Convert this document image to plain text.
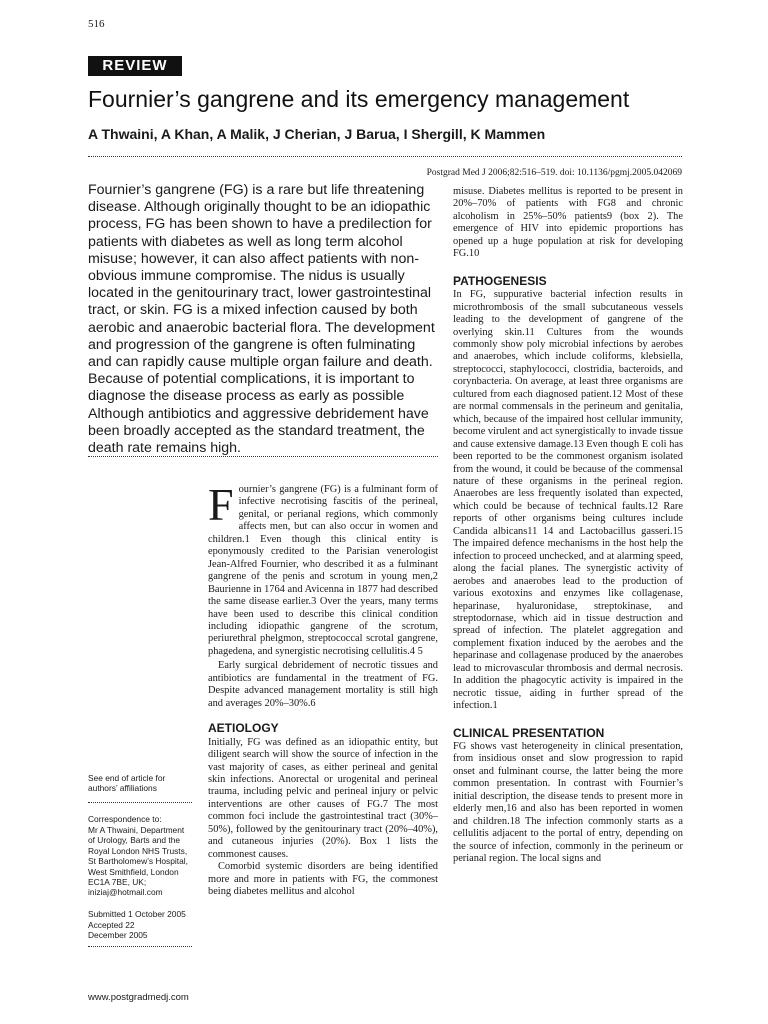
516
REVIEW
Fournier’s gangrene and its emergency management
A Thwaini, A Khan, A Malik, J Cherian, J Barua, I Shergill, K Mammen
Postgrad Med J 2006;82:516–519. doi: 10.1136/pgmj.2005.042069
Fournier’s gangrene (FG) is a rare but life threatening disease. Although originally thought to be an idiopathic process, FG has been shown to have a predilection for patients with diabetes as well as long term alcohol misuse; however, it can also affect patients with non-obvious immune compromise. The nidus is usually located in the genitourinary tract, lower gastrointestinal tract, or skin. FG is a mixed infection caused by both aerobic and anaerobic bacterial flora. The development and progression of the gangrene is often fulminating and can rapidly cause multiple organ failure and death. Because of potential complications, it is important to diagnose the disease process as early as possible Although antibiotics and aggressive debridement have been broadly accepted as the standard treatment, the death rate remains high.

Fournier’s gangrene (FG) is a fulminant form of infective necrotising fascitis of the perineal, genital, or perianal regions, which commonly affects men, but can also occur in women and children.1 Even though this clinical entity is eponymously credited to the Parisian venerologist Jean-Alfred Fournier, who described it as a fulminant gangrene of the penis and scrotum in young men,2 Baurienne in 1764 and Avicenna in 1877 had described the same disease earlier.3 Over the years, many terms have been used to describe this clinical condition including idiopathic gangrene of the scrotum, periurethral phelgmon, streptococcal scrotal gangrene, phagedena, and synergistic necrotising cellulitis.4 5

Early surgical debridement of necrotic tissues and antibiotics are fundamental in the treatment of FG. Despite advanced management mortality is still high and averages 20%–30%.6

AETIOLOGY

Initially, FG was defined as an idiopathic entity, but diligent search will show the source of infection in the vast majority of cases, as either perineal and genital skin infections. Anorectal or urogenital and perineal trauma, including pelvic and perineal injury or pelvic interventions are other causes of FG.7 The most common foci include the gastrointestinal tract (30%–50%), followed by the genitourinary tract (20%–40%), and cutaneous injuries (20%). Box 1 lists the commonest causes.

Comorbid systemic disorders are being identified more and more in patients with FG, the commonest being diabetes mellitus and alcohol

misuse. Diabetes mellitus is reported to be present in 20%–70% of patients with FG8 and chronic alcoholism in 25%–50% patients9 (box 2). The emergence of HIV into epidemic proportions has opened up a huge population at risk for developing FG.10

PATHOGENESIS

In FG, suppurative bacterial infection results in microthrombosis of the small subcutaneous vessels leading to the development of gangrene of the overlying skin.11 Cultures from the wounds commonly show poly microbial infections by aerobes and anaerobes, which include coliforms, klebsiella, streptococci, staphylococci, clostridia, bacteroids, and corynbacteria. On average, at least three organisms are cultured from each diagnosed patient.12 Most of these are normal commensals in the perineum and genitalia, which, because of the impaired host cellular immunity, become virulent and act synergistically to invade tissue and cause extensive damage.13 Even though E coli has been reported to be the commonest organism isolated from the wound, it could be because of the commensal nature of these organisms in the perineal region. Anaerobes are less frequently isolated than expected, which could be because of technical faults.12 Rare reports of other organisms being cultures include Candida albicans11 14 and Lactobacillus gasseri.15 The impaired defence mechanisms in the host help the infection to proceed unchecked, and at alarming speed, along the facial planes. The synergistic activity of aerobes and anaerobes lead to the production of various exotoxins and enzymes like collagenase, heparinase, hyaluronidase, streptokinase, and streptodornase, which aid in tissue destruction and spread of infection. The platelet aggregation and complement fixation induced by the aerobes and the heparinase and collagenase produced by the anaerobes lead to microvascular thrombosis and dermal necrosis. In addition the phagocytic activity is impaired in the necrotic tissue, aiding in further spread of the infection.1

CLINICAL PRESENTATION

FG shows vast heterogeneity in clinical presentation, from insidious onset and slow progression to rapid onset and fulminant course, the latter being the more common presentation. In contrast with Fournier’s initial description, the disease tends to present more in elderly men,16 and also has been reported in women and children.18 The infection commonly starts as a cellulitis adjacent to the portal of entry, depending on the source of infection, commonly in the perineum or perianal region. The local signs and

See end of article for authors’ affiliations
Correspondence to:
Mr A Thwaini, Department of Urology, Barts and the Royal London NHS Trusts, St Bartholomew’s Hospital, West Smithfield, London EC1A 7BE, UK; iniziaj@hotmail.com
Submitted 1 October 2005
Accepted 22 December 2005
www.postgradmedj.com
